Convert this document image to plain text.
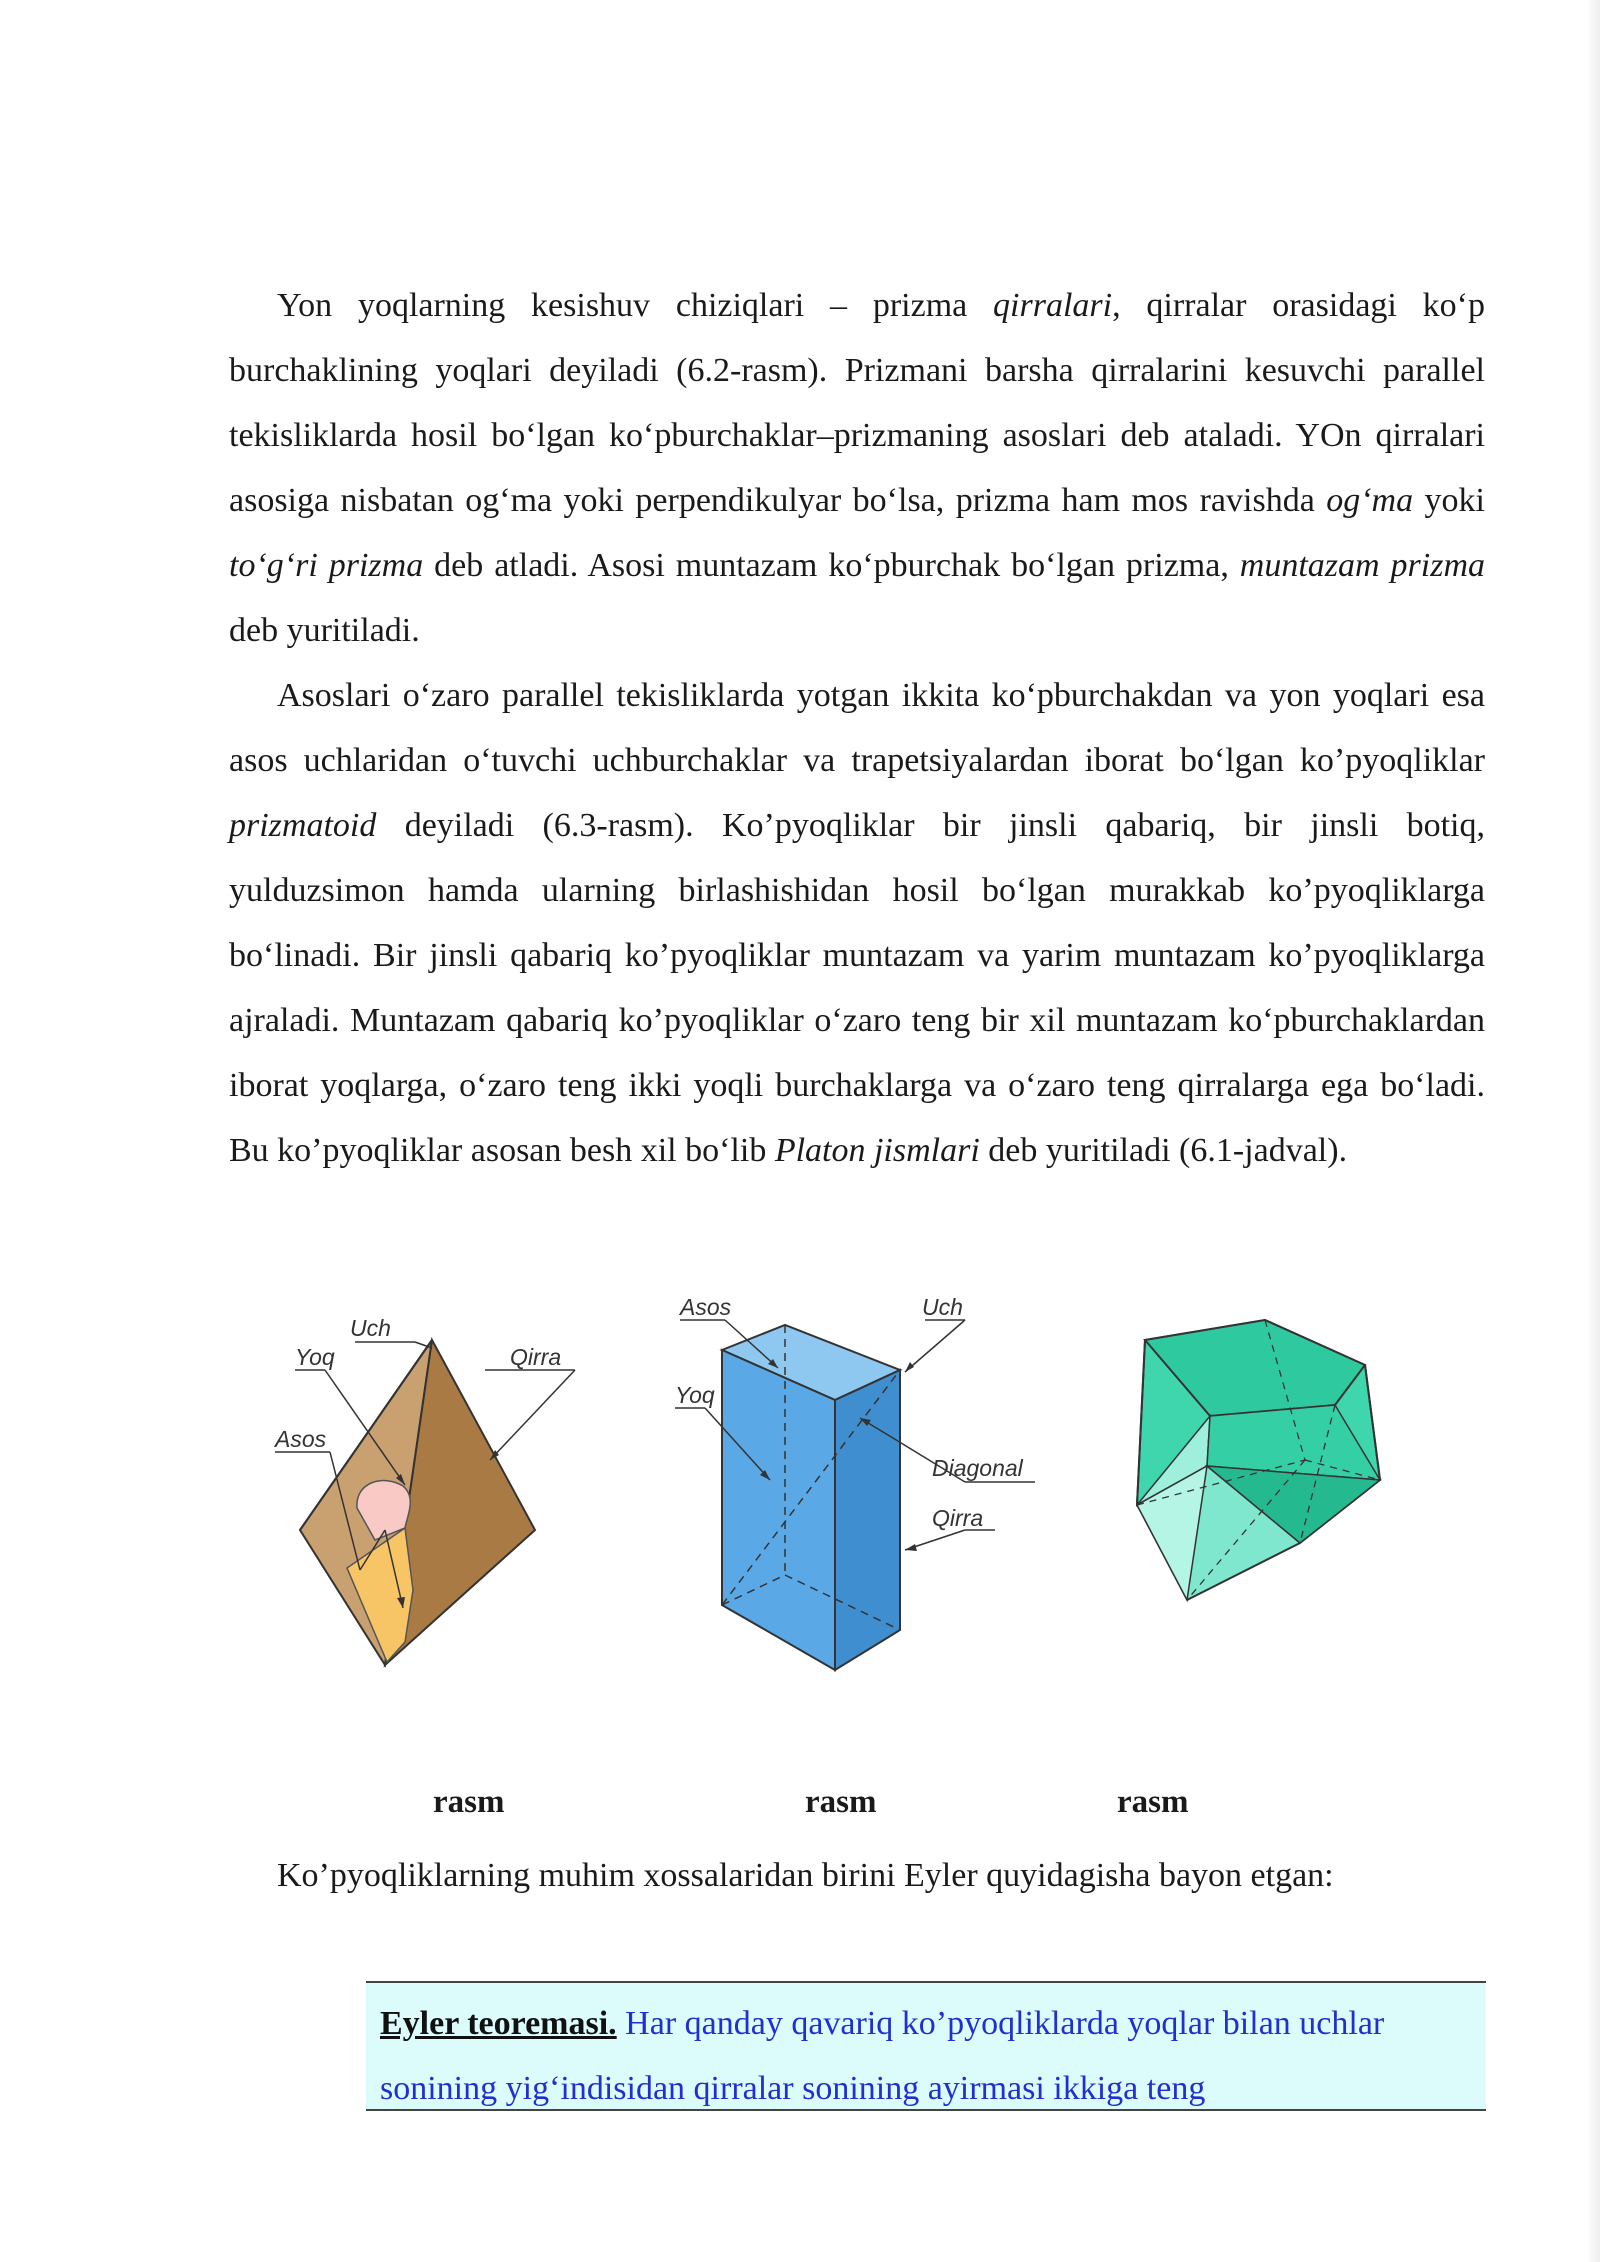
Yon yoqlarning kesishuv chiziqlari – prizma qirralari, qirralar orasidagi ko‘p burchaklining yoqlari deyiladi (6.2-rasm). Prizmani barsha qirralarini kesuvchi parallel tekisliklarda hosil bo‘lgan ko‘pburchaklar–prizmaning asoslari deb ataladi. YOn qirralari asosiga nisbatan og‘ma yoki perpendikulyar bo‘lsa, prizma ham mos ravishda og‘ma yoki to‘g‘ri prizma deb atladi. Asosi muntazam ko‘pburchak bo‘lgan prizma, muntazam prizma deb yuritiladi.

Asoslari o‘zaro parallel tekisliklarda yotgan ikkita ko‘pburchakdan va yon yoqlari esa asos uchlaridan o‘tuvchi uchburchaklar va trapetsiyalardan iborat bo‘lgan ko’pyoqliklar prizmatoid deyiladi (6.3-rasm). Ko’pyoqliklar bir jinsli qabariq, bir jinsli botiq, yulduzsimon hamda ularning birlashishidan hosil bo‘lgan murakkab ko’pyoqliklarga bo‘linadi. Bir jinsli qabariq ko’pyoqliklar muntazam va yarim muntazam ko’pyoqliklarga ajraladi. Muntazam qabariq ko’pyoqliklar o‘zaro teng bir xil muntazam ko‘pburchaklardan iborat yoqlarga, o‘zaro teng ikki yoqli burchaklarga va o‘zaro teng qirralarga ega bo‘ladi. Bu ko’pyoqliklar asosan besh xil bo‘lib Platon jismlari deb yuritiladi (6.1-jadval).

Uch
Yoq	Qirra
Asos
Asos	Uch
Yoq
Diagonal
Qirra
rasm	rasm	rasm

Ko’pyoqliklarning muhim xossalaridan birini Eyler quyidagisha bayon etgan:

Eyler teoremasi. Har qanday qavariq ko’pyoqliklarda yoqlar bilan uchlar sonining yig‘indisidan qirralar sonining ayirmasi ikkiga teng
